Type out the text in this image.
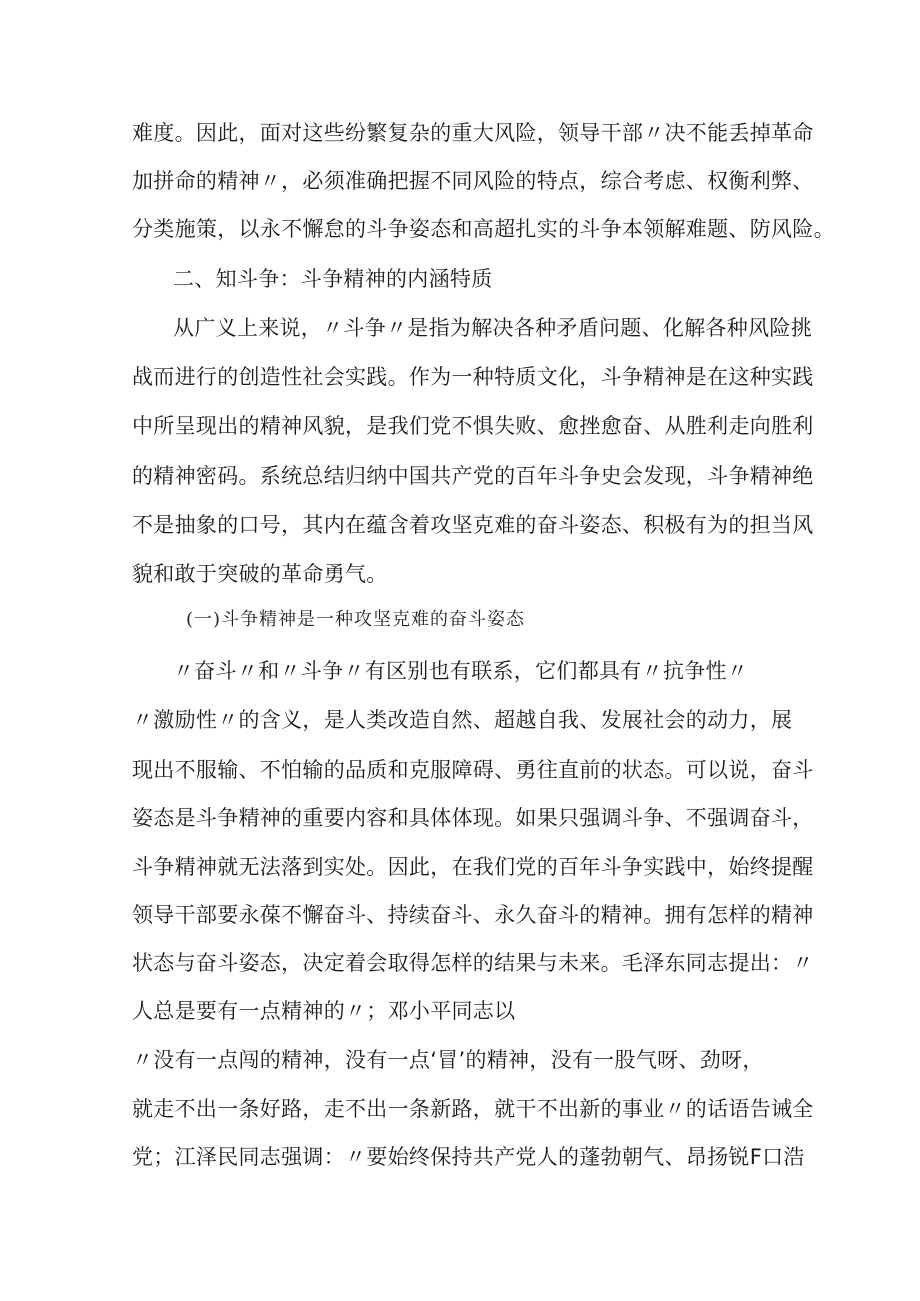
难度。因此，面对这些纷繁复杂的重大风险，领导干部〃决不能丢掉革命
加拼命的精神〃，必须准确把握不同风险的特点，综合考虑、权衡利弊、
分类施策，以永不懈怠的斗争姿态和高超扎实的斗争本领解难题、防风险。
二、知斗争：斗争精神的内涵特质
从广义上来说，〃斗争〃是指为解决各种矛盾问题、化解各种风险挑
战而进行的创造性社会实践。作为一种特质文化，斗争精神是在这种实践
中所呈现出的精神风貌，是我们党不惧失败、愈挫愈奋、从胜利走向胜利
的精神密码。系统总结归纳中国共产党的百年斗争史会发现，斗争精神绝
不是抽象的口号，其内在蕴含着攻坚克难的奋斗姿态、积极有为的担当风
貌和敢于突破的革命勇气。
(一)斗争精神是一种攻坚克难的奋斗姿态
〃奋斗〃和〃斗争〃有区别也有联系，它们都具有〃抗争性〃
〃激励性〃的含义，是人类改造自然、超越自我、发展社会的动力，展
现出不服输、不怕输的品质和克服障碍、勇往直前的状态。可以说，奋斗
姿态是斗争精神的重要内容和具体体现。如果只强调斗争、不强调奋斗，
斗争精神就无法落到实处。因此，在我们党的百年斗争实践中，始终提醒
领导干部要永葆不懈奋斗、持续奋斗、永久奋斗的精神。拥有怎样的精神
状态与奋斗姿态，决定着会取得怎样的结果与未来。毛泽东同志提出：〃
人总是要有一点精神的〃；邓小平同志以
〃没有一点闯的精神，没有一点‘冒’的精神，没有一股气呀、劲呀，
就走不出一条好路，走不出一条新路，就干不出新的事业〃的话语告诫全
党；江泽民同志强调：〃要始终保持共产党人的蓬勃朝气、昂扬锐F口浩
